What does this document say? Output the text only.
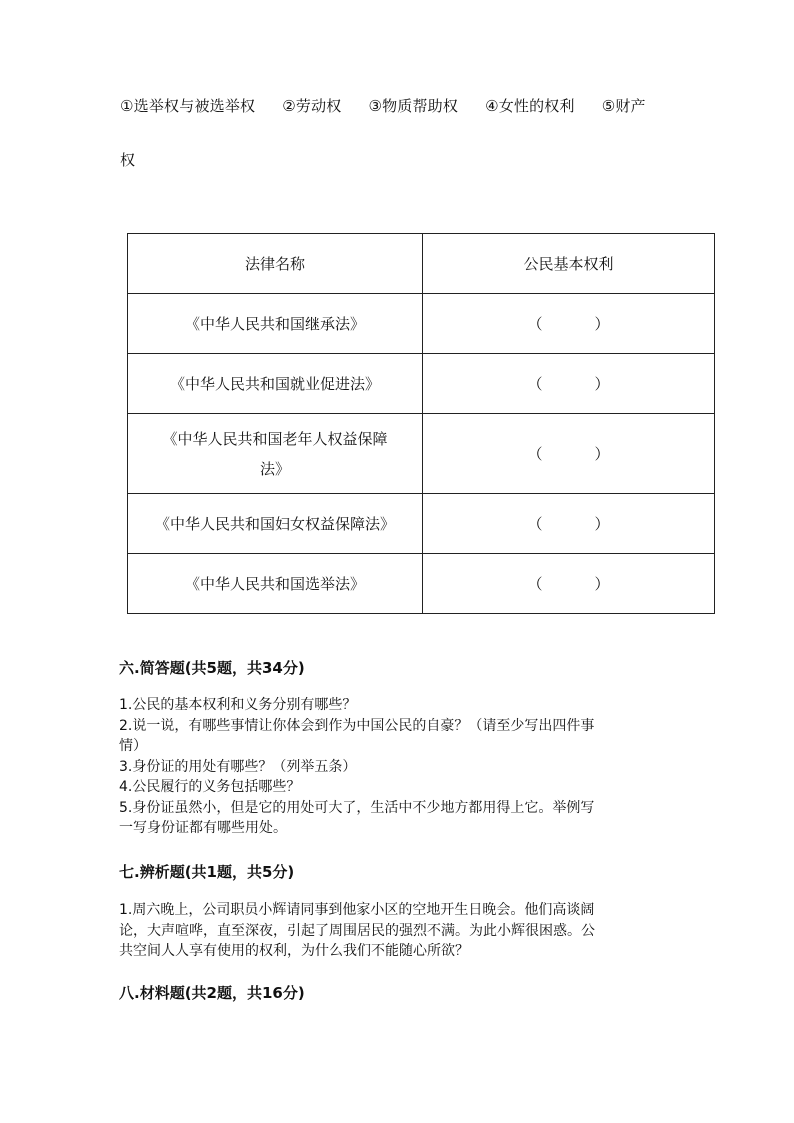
①选举权与被选举权 ②劳动权 ③物质帮助权 ④女性的权利 ⑤财产
权
法律名称	公民基本权利
《中华人民共和国继承法》	（ ）
《中华人民共和国就业促进法》	（ ）
《中华人民共和国老年人权益保障
法》	（ ）
《中华人民共和国妇女权益保障法》	（ ）
《中华人民共和国选举法》	（ ）
六.简答题(共5题，共34分)
1.公民的基本权利和义务分别有哪些？
2.说一说，有哪些事情让你体会到作为中国公民的自豪？（请至少写出四件事
情）
3.身份证的用处有哪些？（列举五条）
4.公民履行的义务包括哪些？
5.身份证虽然小，但是它的用处可大了，生活中不少地方都用得上它。举例写
一写身份证都有哪些用处。
七.辨析题(共1题，共5分)
1.周六晚上，公司职员小辉请同事到他家小区的空地开生日晚会。他们高谈阔
论，大声喧哗，直至深夜，引起了周围居民的强烈不满。为此小辉很困惑。公
共空间人人享有使用的权利，为什么我们不能随心所欲？
八.材料题(共2题，共16分)
